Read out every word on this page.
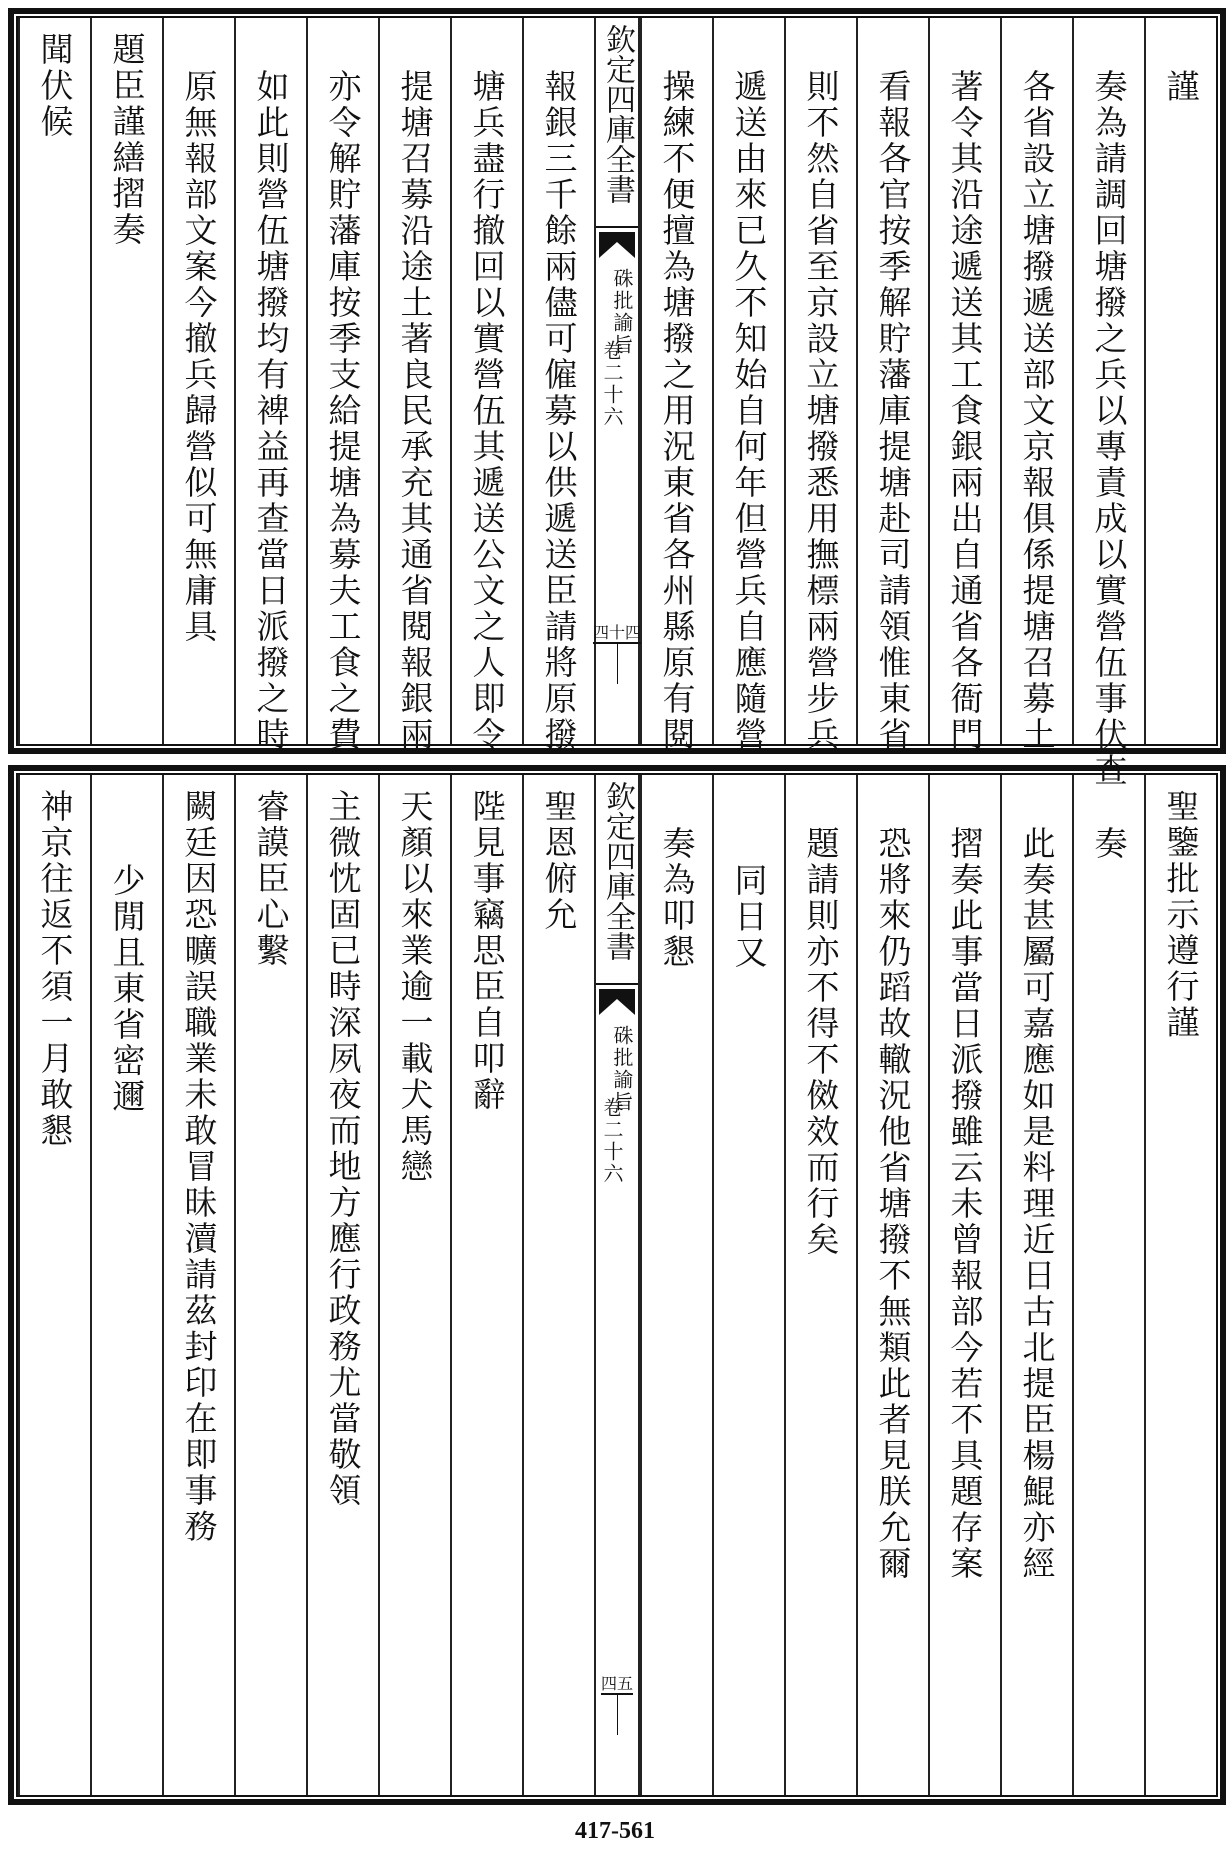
報銀三千餘兩儘可僱募以供遞送臣請將原撥
塘兵盡行撤回以實營伍其遞送公文之人即令
提塘召募沿途土著良民承充其通省閱報銀兩
亦令解貯藩庫按季支給提塘為募夫工食之費
如此則營伍塘撥均有裨益再查當日派撥之時
原無報部文案今撤兵歸營似可無庸具
題臣謹繕摺奏
聞伏候	謹
奏為請調回塘撥之兵以專責成以實營伍事伏查
各省設立塘撥遞送部文京報俱係提塘召募土
著令其沿途遞送其工食銀兩出自通省各衙門
看報各官按季解貯藩庫提塘赴司請領惟東省
則不然自省至京設立塘撥悉用撫標兩營步兵
遞送由來已久不知始自何年但營兵自應隨營
操練不便擅為塘撥之用況東省各州縣原有閱
欽定四庫全書
硃批諭旨
卷二十六
四十四
聖恩俯允
陛見事竊思臣自叩辭
天顏以來業逾一載犬馬戀
主微忱固已時深夙夜而地方應行政務尤當敬領
睿謨臣心繫
闕廷因恐曠誤職業未敢冒昧瀆請茲封印在即事務
少閒且東省密邇
神京往返不須一月敢懇	聖鑒批示遵行謹
奏
此奏甚屬可嘉應如是料理近日古北提臣楊鯤亦經
摺奏此事當日派撥雖云未曾報部今若不具題存案
恐將來仍蹈故轍況他省塘撥不無類此者見朕允爾
題請則亦不得不傚效而行矣
同日又
奏為叩懇
欽定四庫全書
硃批諭旨
卷二十六
四五
417-561
